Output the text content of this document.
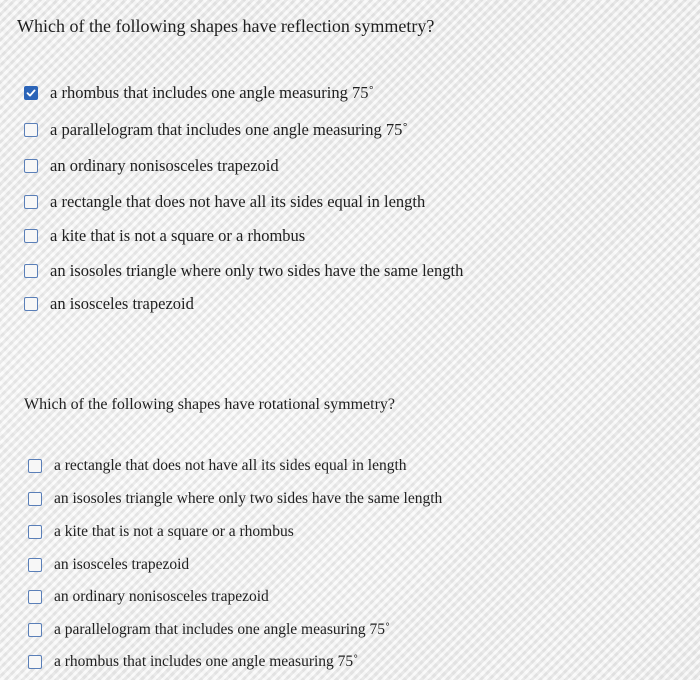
Which of the following shapes have reflection symmetry?
a rhombus that includes one angle measuring 75˚
a parallelogram that includes one angle measuring 75˚
an ordinary nonisosceles trapezoid
a rectangle that does not have all its sides equal in length
a kite that is not a square or a rhombus
an isosoles triangle where only two sides have the same length
an isosceles trapezoid
Which of the following shapes have rotational symmetry?
a rectangle that does not have all its sides equal in length
an isosoles triangle where only two sides have the same length
a kite that is not a square or a rhombus
an isosceles trapezoid
an ordinary nonisosceles trapezoid
a parallelogram that includes one angle measuring 75˚
a rhombus that includes one angle measuring 75˚
